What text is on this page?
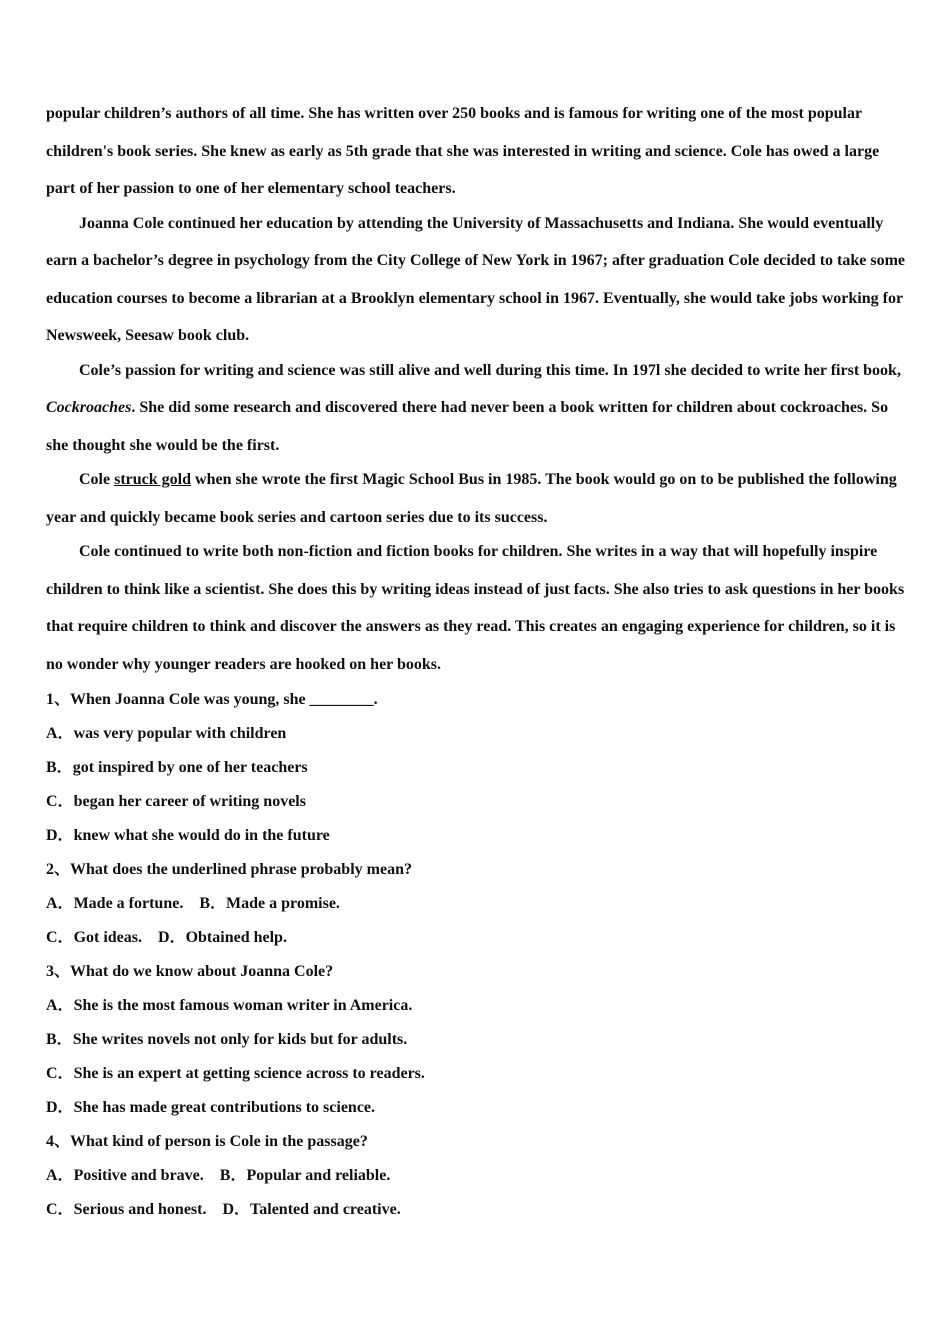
popular children’s authors of all time. She has written over 250 books and is famous for writing one of the most popular children's book series. She knew as early as 5th grade that she was interested in writing and science. Cole has owed a large part of her passion to one of her elementary school teachers.

Joanna Cole continued her education by attending the University of Massachusetts and Indiana. She would eventually earn a bachelor’s degree in psychology from the City College of New York in 1967; after graduation Cole decided to take some education courses to become a librarian at a Brooklyn elementary school in 1967. Eventually, she would take jobs working for Newsweek, Seesaw book club.

Cole’s passion for writing and science was still alive and well during this time. In 197l she decided to write her first book, Cockroaches. She did some research and discovered there had never been a book written for children about cockroaches. So she thought she would be the first.

Cole struck gold when she wrote the first Magic School Bus in 1985. The book would go on to be published the following year and quickly became book series and cartoon series due to its success.

Cole continued to write both non-fiction and fiction books for children. She writes in a way that will hopefully inspire children to think like a scientist. She does this by writing ideas instead of just facts. She also tries to ask questions in her books that require children to think and discover the answers as they read. This creates an engaging experience for children, so it is no wonder why younger readers are hooked on her books.

1、When Joanna Cole was young, she ________.
A．was very popular with children
B．got inspired by one of her teachers
C．began her career of writing novels
D．knew what she would do in the future
2、What does the underlined phrase probably mean?
A．Made a fortune. B．Made a promise.
C．Got ideas. D．Obtained help.
3、What do we know about Joanna Cole?
A．She is the most famous woman writer in America.
B．She writes novels not only for kids but for adults.
C．She is an expert at getting science across to readers.
D．She has made great contributions to science.
4、What kind of person is Cole in the passage?
A．Positive and brave. B．Popular and reliable.
C．Serious and honest. D．Talented and creative.
